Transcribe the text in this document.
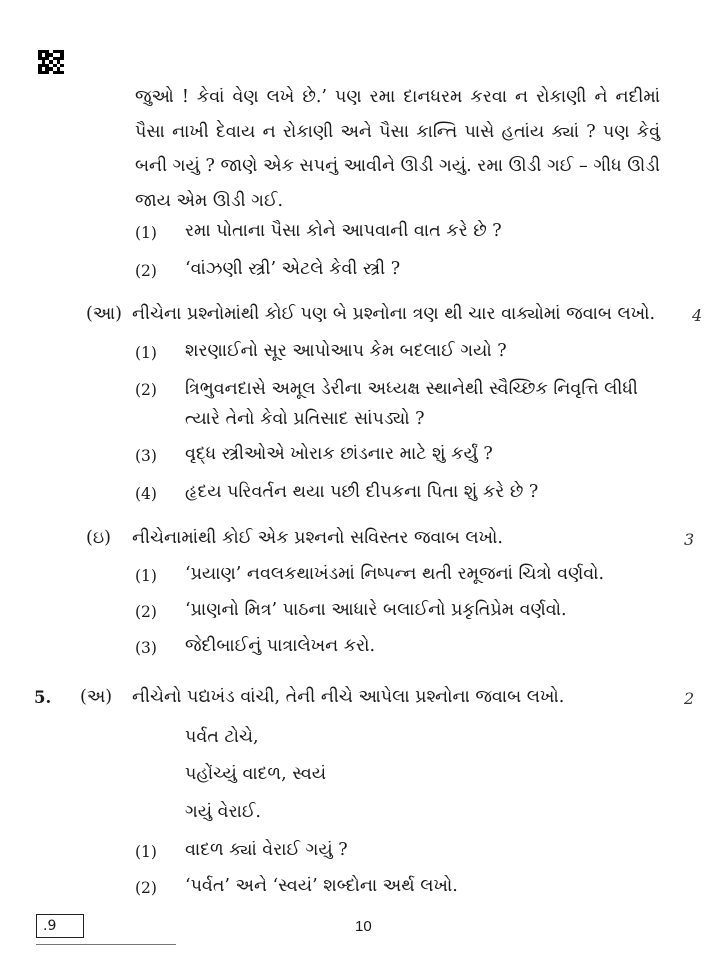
જુઓ ! કેવાં વેણ લખે છે.’ પણ રમા દાનધરમ કરવા ન રોકાણી ને નદીમાં પૈસા નાખી દેવાય ન રોકાણી અને પૈસા કાન્તિ પાસે હતાંય ક્યાં ? પણ કેવું બની ગયું ? જાણે એક સપનું આવીને ઊડી ગયું. રમા ઊડી ગઈ – ગીધ ઊડી જાય એમ ઊડી ગઈ.
(1) રમા પોતાના પૈસા કોને આપવાની વાત કરે છે ?
(2) ‘વાંઝણી સ્ત્રી’ એટલે કેવી સ્ત્રી ?
(આ) નીચેના પ્રશ્નોમાંથી કોઈ પણ બે પ્રશ્નોના ત્રણ થી ચાર વાક્યોમાં જવાબ લખો. 4
(1) શરણાઈનો સૂર આપોઆપ કેમ બદલાઈ ગયો ?
(2) ત્રિભુવનદાસે અમૂલ ડેરીના અધ્યક્ષ સ્થાનેથી સ્વૈચ્છિક નિવૃત્તિ લીધી ત્યારે તેનો કેવો પ્રતિસાદ સાંપડ્યો ?
(3) વૃદ્ધ સ્ત્રીઓએ ખોરાક છાંડનાર માટે શું કર્યું ?
(4) હૃદય પરિવર્તન થયા પછી દીપકના પિતા શું કરે છે ?
(ઇ) નીચેનામાંથી કોઈ એક પ્રશ્નનો સવિસ્તર જવાબ લખો.	3
(1) ‘પ્રયાણ’ નવલકથાખંડમાં નિષ્પન્ન થતી રમૂજનાં ચિત્રો વર્ણવો.
(2) ‘પ્રાણનો મિત્ર’ પાઠના આધારે બલાઈનો પ્રકૃતિપ્રેમ વર્ણવો.
(3) જેદીબાઈનું પાત્રાલેખન કરો.
5. (અ) નીચેનો પદ્યખંડ વાંચી, તેની નીચે આપેલા પ્રશ્નોના જવાબ લખો.	2
પર્વત ટોચે,
પહોંચ્યું વાદળ, સ્વયં
ગયું વેરાઈ.
(1) વાદળ ક્યાં વેરાઈ ગયું ?
(2) ‘પર્વત’ અને ‘સ્વયં’ શબ્દોના અર્થ લખો.
.9	10
